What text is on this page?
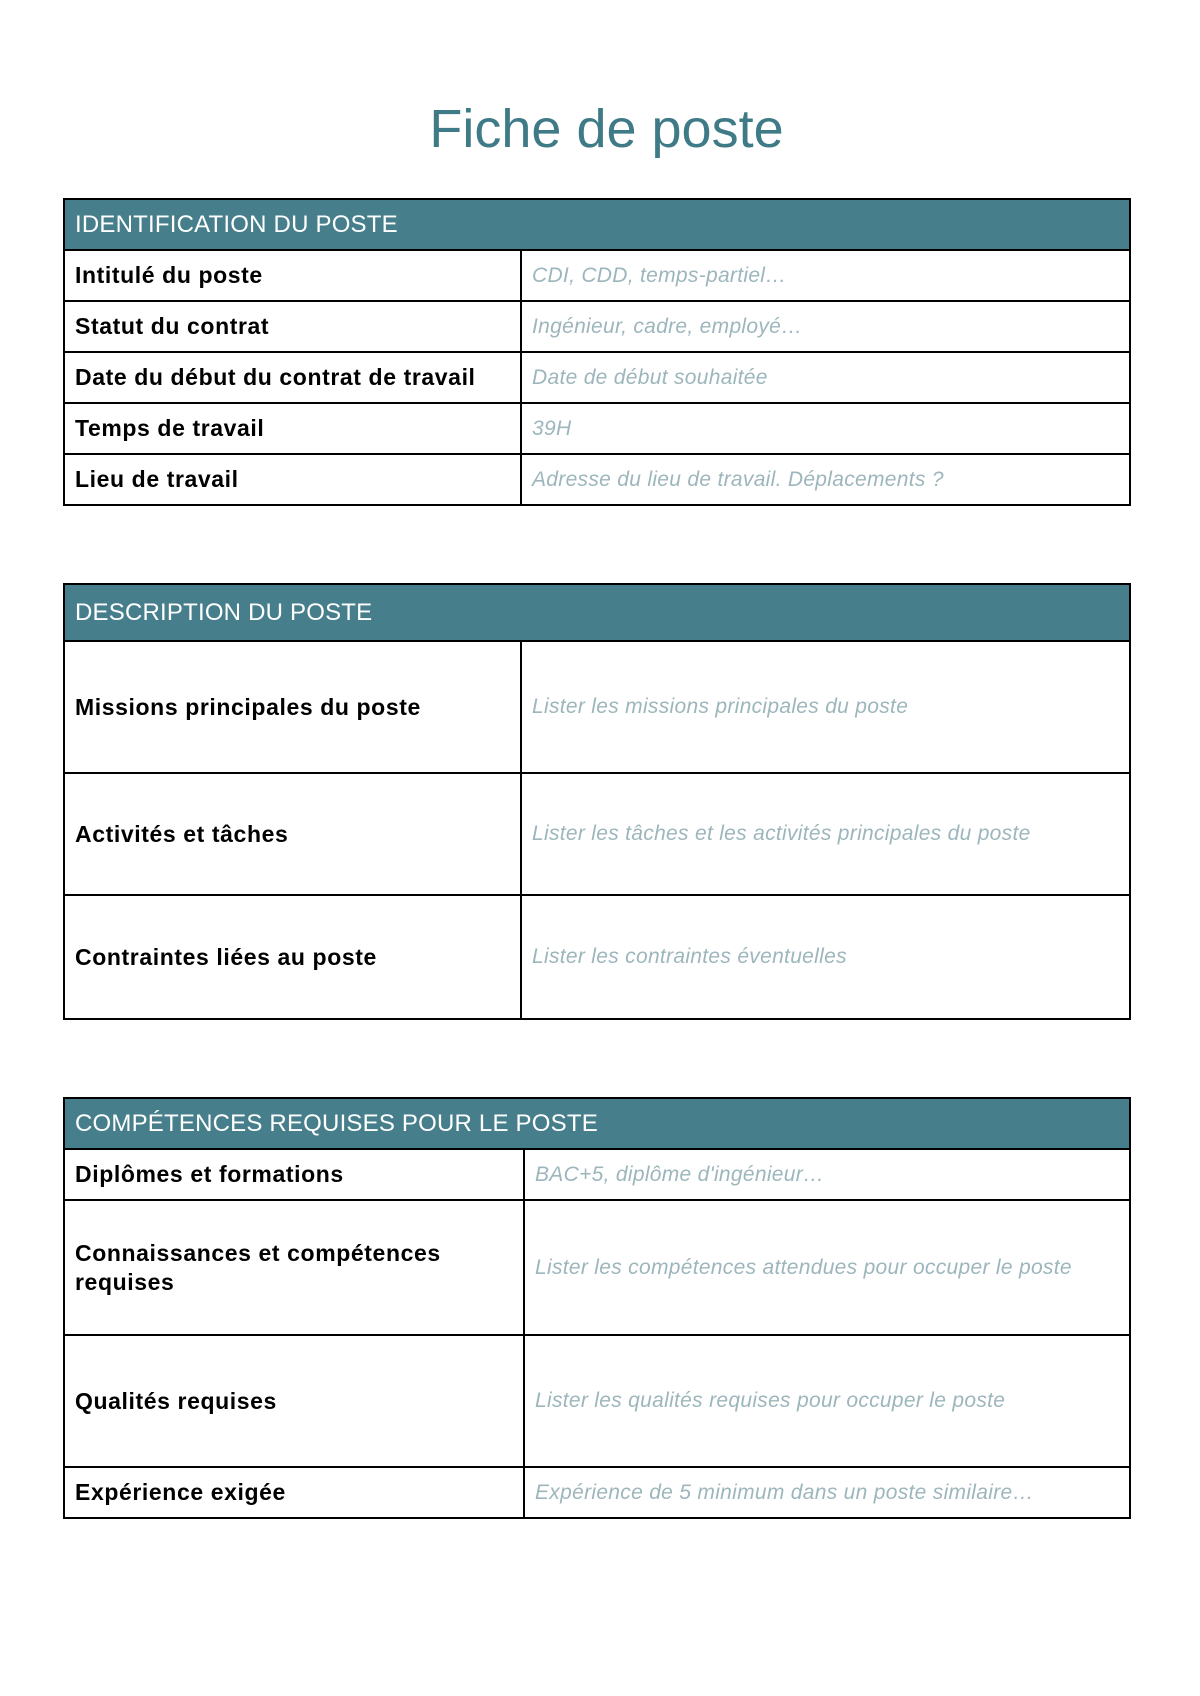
Fiche de poste
IDENTIFICATION DU POSTE	
Intitulé du poste	CDI, CDD, temps-partiel…
Statut du contrat	Ingénieur, cadre, employé…
Date du début du contrat de travail	Date de début souhaitée
Temps de travail	39H
Lieu de travail	Adresse du lieu de travail. Déplacements ?
DESCRIPTION DU POSTE	
Missions principales du poste	Lister les missions principales du poste
Activités et tâches	Lister les tâches et les activités principales du poste
Contraintes liées au poste	Lister les contraintes éventuelles
COMPÉTENCES REQUISES POUR LE POSTE	
Diplômes et formations	BAC+5, diplôme d'ingénieur…
Connaissances et compétences requises	Lister les compétences attendues pour occuper le poste
Qualités requises	Lister les qualités requises pour occuper le poste
Expérience exigée	Expérience de 5 minimum dans un poste similaire…
